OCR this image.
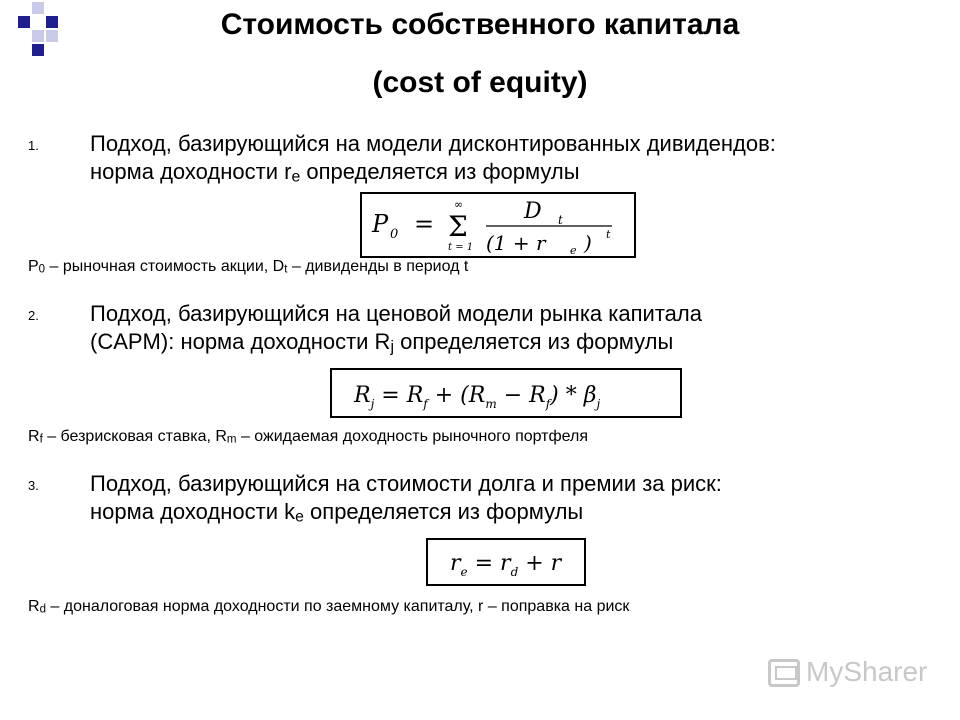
Стоимость собственного капитала
(cost of equity)
1. Подход, базирующийся на модели дисконтированных дивидендов:
норма доходности re определяется из формулы
P 0 = Σ
∞
t = 1
D t
(1 + r e ) t
P0 – рыночная стоимость акции, Dt – дивиденды в период t
2. Подход, базирующийся на ценовой модели рынка капитала
(CAPM): норма доходности Rj определяется из формулы
$R_j = R_f + (R_m - R_f) * \beta_j$
Rf – безрисковая ставка, Rm – ожидаемая доходность рыночного портфеля
3. Подход, базирующийся на стоимости долга и премии за риск:
норма доходности ke определяется из формулы
$r_e = r_d + r$
Rd – доналоговая норма доходности по заемному капиталу, r – поправка на риск
MySharer
